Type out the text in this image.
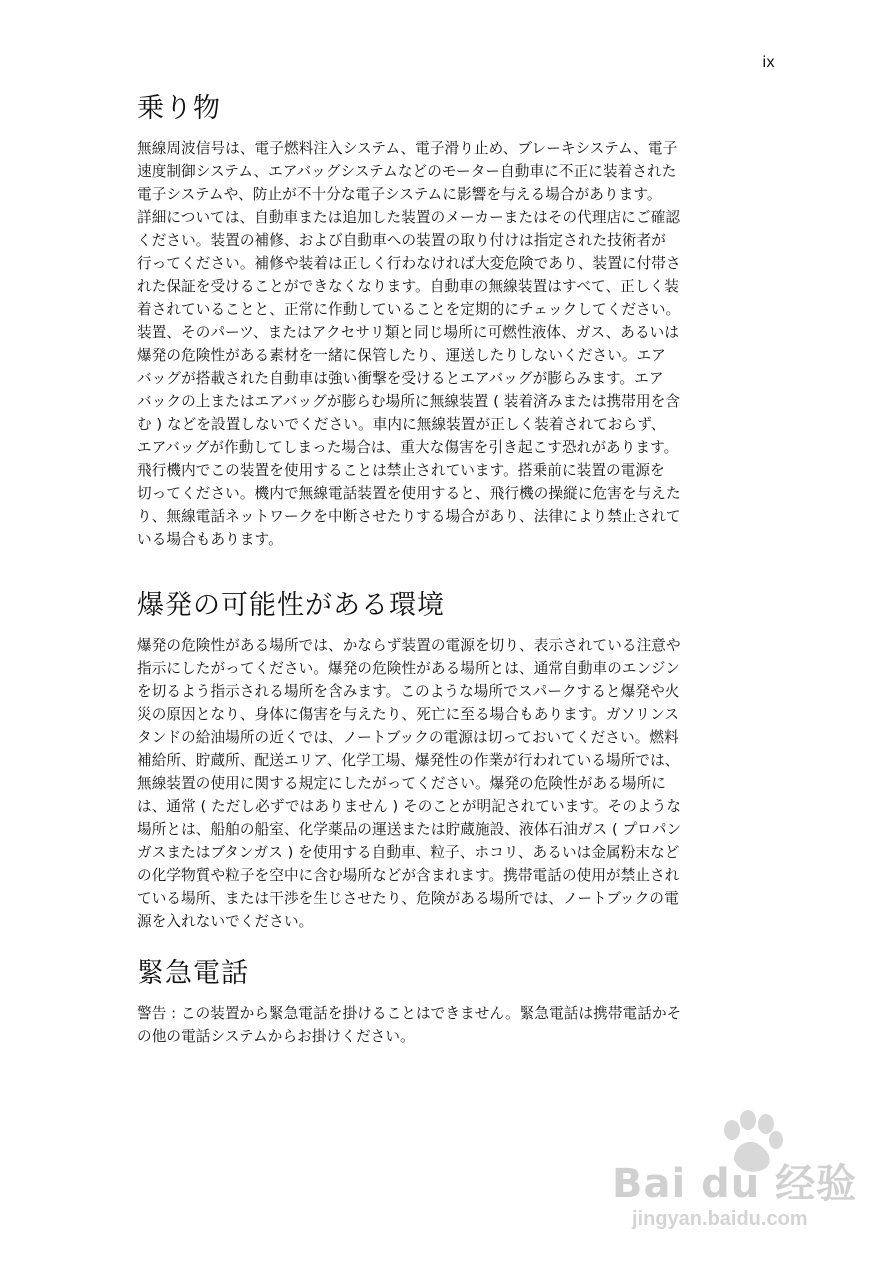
ix
乗り物
無線周波信号は、電子燃料注入システム、電子滑り止め、ブレーキシステム、電子
速度制御システム、エアバッグシステムなどのモーター自動車に不正に装着された
電子システムや、防止が不十分な電子システムに影響を与える場合があります。
詳細については、自動車または追加した装置のメーカーまたはその代理店にご確認
ください。装置の補修、および自動車への装置の取り付けは指定された技術者が
行ってください。補修や装着は正しく行わなければ大変危険であり、装置に付帯さ
れた保証を受けることができなくなります。自動車の無線装置はすべて、正しく装
着されていることと、正常に作動していることを定期的にチェックしてください。
装置、そのパーツ、またはアクセサリ類と同じ場所に可燃性液体、ガス、あるいは
爆発の危険性がある素材を一緒に保管したり、運送したりしないください。エア
バッグが搭載された自動車は強い衝撃を受けるとエアバッグが膨らみます。エア
バックの上またはエアバッグが膨らむ場所に無線装置 ( 装着済みまたは携帯用を含
む ) などを設置しないでください。車内に無線装置が正しく装着されておらず、
エアバッグが作動してしまった場合は、重大な傷害を引き起こす恐れがあります。
飛行機内でこの装置を使用することは禁止されています。搭乗前に装置の電源を
切ってください。機内で無線電話装置を使用すると、飛行機の操縦に危害を与えた
り、無線電話ネットワークを中断させたりする場合があり、法律により禁止されて
いる場合もあります。
爆発の可能性がある環境
爆発の危険性がある場所では、かならず装置の電源を切り、表示されている注意や
指示にしたがってください。爆発の危険性がある場所とは、通常自動車のエンジン
を切るよう指示される場所を含みます。このような場所でスパークすると爆発や火
災の原因となり、身体に傷害を与えたり、死亡に至る場合もあります。ガソリンス
タンドの給油場所の近くでは、ノートブックの電源は切っておいてください。燃料
補給所、貯蔵所、配送エリア、化学工場、爆発性の作業が行われている場所では、
無線装置の使用に関する規定にしたがってください。爆発の危険性がある場所に
は、通常 ( ただし必ずではありません ) そのことが明記されています。そのような
場所とは、船舶の船室、化学薬品の運送または貯蔵施設、液体石油ガス ( プロパン
ガスまたはブタンガス ) を使用する自動車、粒子、ホコリ、あるいは金属粉末など
の化学物質や粒子を空中に含む場所などが含まれます。携帯電話の使用が禁止され
ている場所、または干渉を生じさせたり、危険がある場所では、ノートブックの電
源を入れないでください。
緊急電話
警告 : この装置から緊急電話を掛けることはできません。緊急電話は携帯電話かそ
の他の電話システムからお掛けください。
Bai du 经验
jingyan.baidu.com
